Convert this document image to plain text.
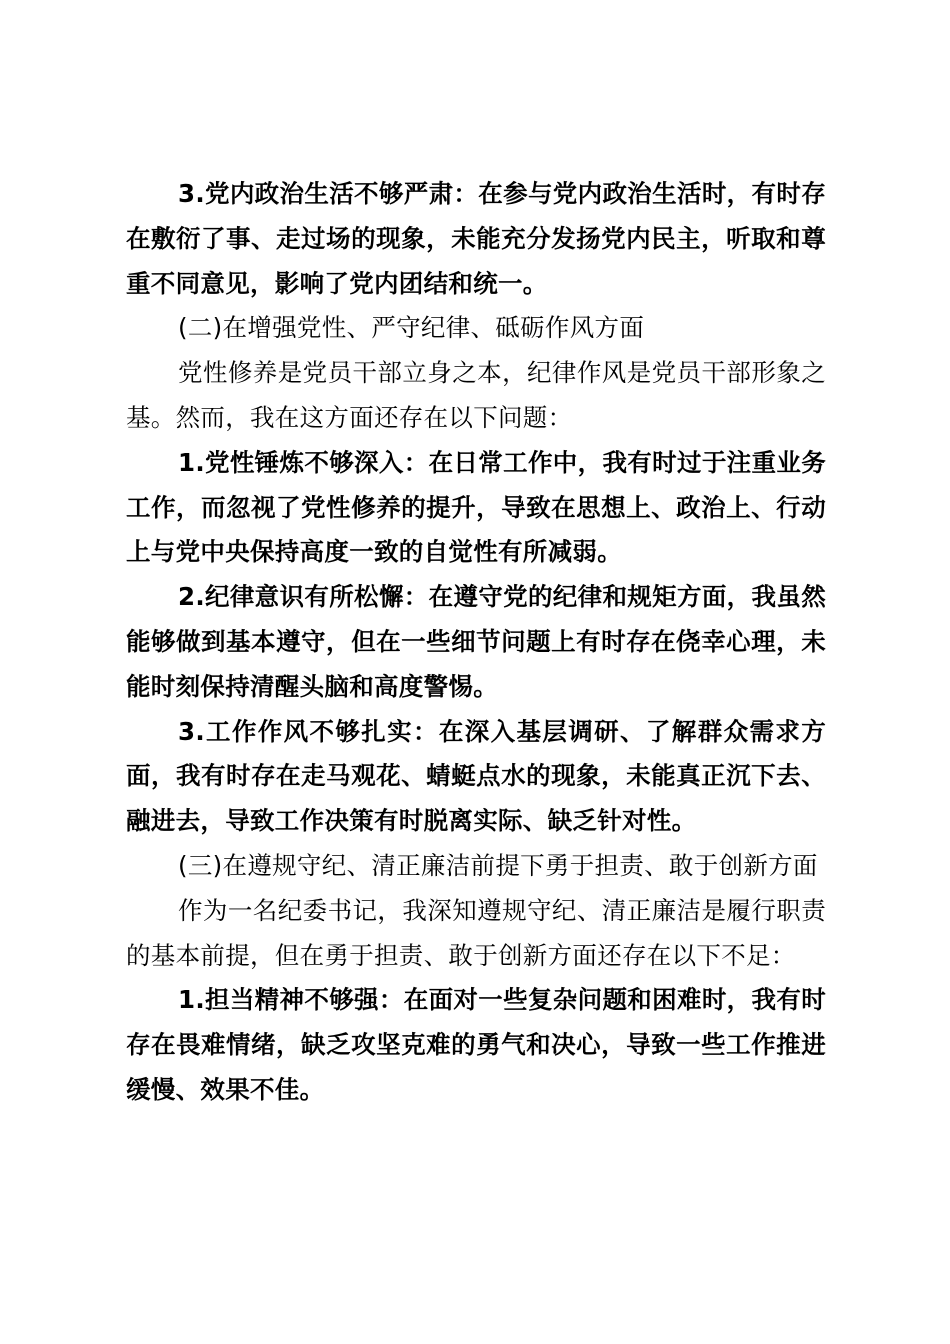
3.党内政治生活不够严肃：在参与党内政治生活时，有时存在敷衍了事、走过场的现象，未能充分发扬党内民主，听取和尊重不同意见，影响了党内团结和统一。

(二)在增强党性、严守纪律、砥砺作风方面

党性修养是党员干部立身之本，纪律作风是党员干部形象之基。然而，我在这方面还存在以下问题：

1.党性锤炼不够深入：在日常工作中，我有时过于注重业务工作，而忽视了党性修养的提升，导致在思想上、政治上、行动上与党中央保持高度一致的自觉性有所减弱。

2.纪律意识有所松懈：在遵守党的纪律和规矩方面，我虽然能够做到基本遵守，但在一些细节问题上有时存在侥幸心理，未能时刻保持清醒头脑和高度警惕。

3.工作作风不够扎实：在深入基层调研、了解群众需求方面，我有时存在走马观花、蜻蜓点水的现象，未能真正沉下去、融进去，导致工作决策有时脱离实际、缺乏针对性。

(三)在遵规守纪、清正廉洁前提下勇于担责、敢于创新方面

作为一名纪委书记，我深知遵规守纪、清正廉洁是履行职责的基本前提，但在勇于担责、敢于创新方面还存在以下不足：

1.担当精神不够强：在面对一些复杂问题和困难时，我有时存在畏难情绪，缺乏攻坚克难的勇气和决心，导致一些工作推进缓慢、效果不佳。
